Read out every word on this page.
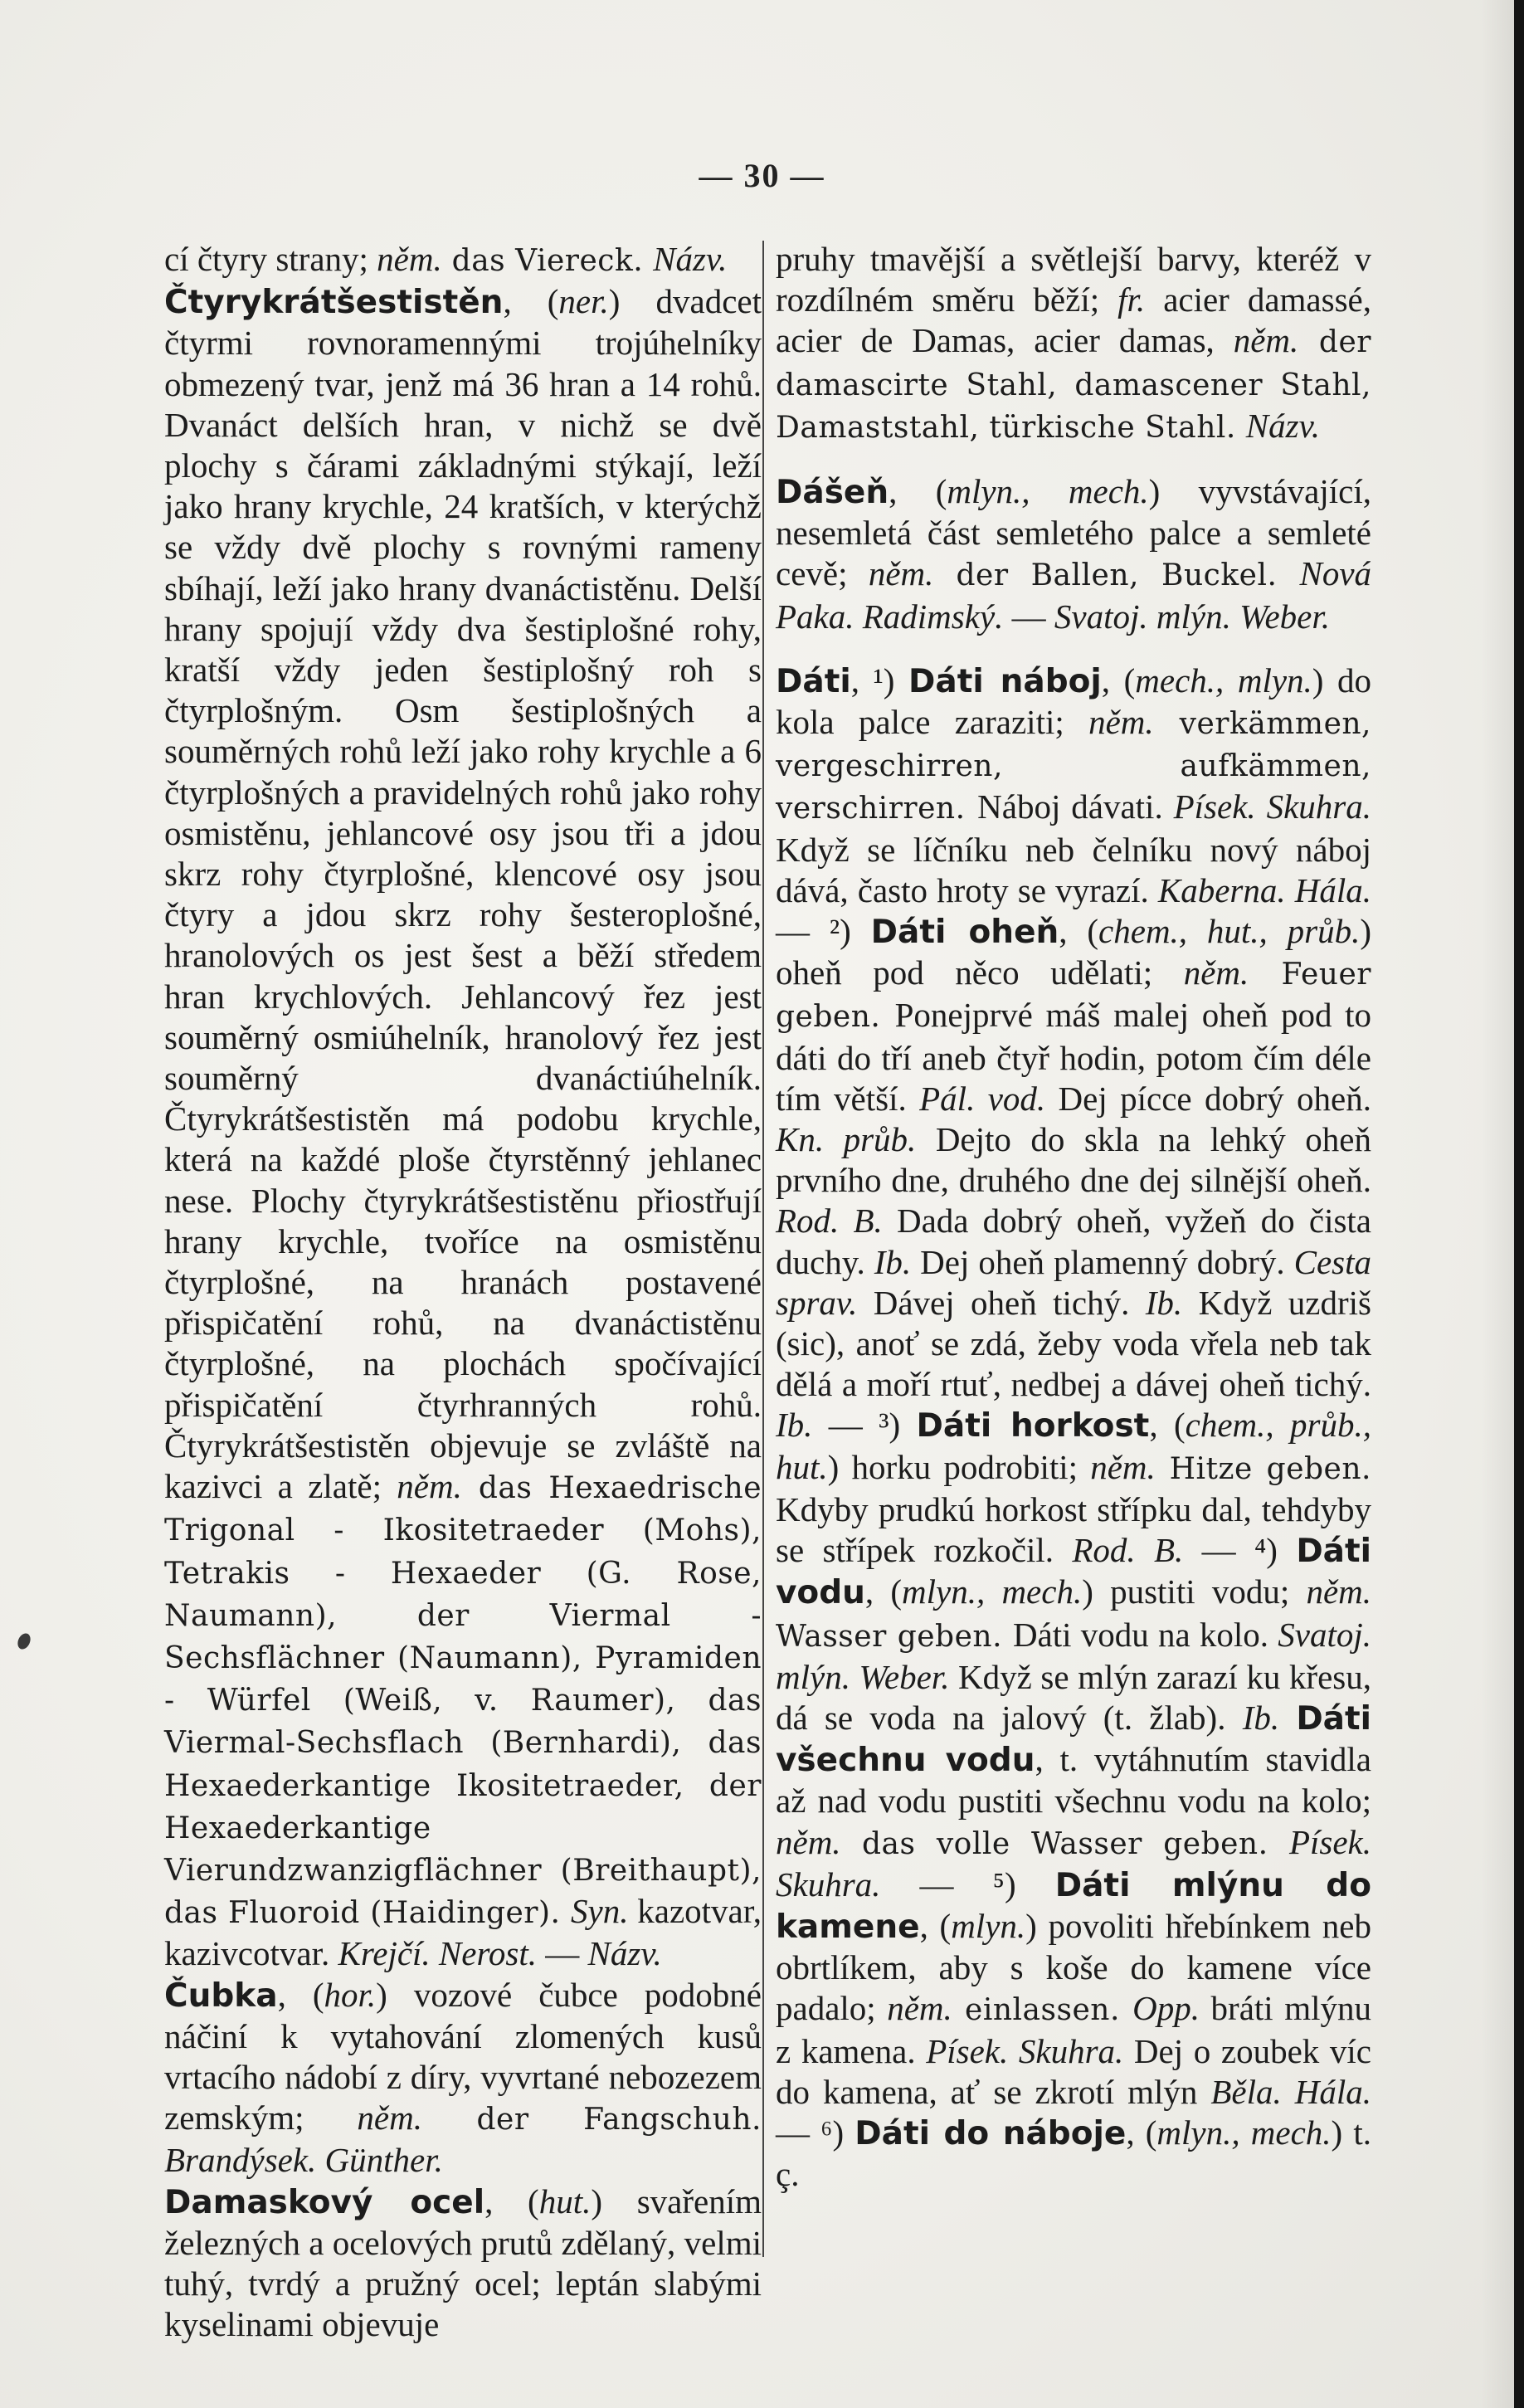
— 30 —

cí čtyry strany; něm. das Viereck. Názv.

Čtyrykrátšestistěn, (ner.) dvadcet čtyrmi rovnoramennými trojúhelníky obmezený tvar, jenž má 36 hran a 14 rohů. Dvanáct delších hran, v nichž se dvě plochy s čárami základnými stýkají, leží jako hrany krychle, 24 kratších, v kterýchž se vždy dvě plochy s rovnými rameny sbíhají, leží jako hrany dvanáctistěnu. Delší hrany spojují vždy dva šestiplošné rohy, kratší vždy jeden šestiplošný roh s čtyrplošným. Osm šestiplošných a souměrných rohů leží jako rohy krychle a 6 čtyrplošných a pravidelných rohů jako rohy osmistěnu, jehlancové osy jsou tři a jdou skrz rohy čtyrplošné, klencové osy jsou čtyry a jdou skrz rohy šesteroplošné, hranolových os jest šest a běží středem hran krychlových. Jehlancový řez jest souměrný osmiúhelník, hranolový řez jest souměrný dvanáctiúhelník. Čtyrykrátšestistěn má podobu krychle, která na každé ploše čtyrstěnný jehlanec nese. Plochy čtyrykrátšestistěnu přiostřují hrany krychle, tvoříce na osmistěnu čtyrplošné, na hranách postavené přispičatění rohů, na dvanáctistěnu čtyrplošné, na plochách spočívající přispičatění čtyrhranných rohů. Čtyrykrátšestistěn objevuje se zvláště na kazivci a zlatě; něm. das Hexaedrische Trigonal - Ikositetraeder (Mohs), Tetrakis - Hexaeder (G. Rose, Naumann), der Viermal - Sechsflächner (Naumann), Pyramiden - Würfel (Weiß, v. Raumer), das Viermal-Sechsflach (Bernhardi), das Hexaederkantige Ikositetraeder, der Hexaederkantige Vierundzwanzigflächner (Breithaupt), das Fluoroid (Haidinger). Syn. kazotvar, kazivcotvar. Krejčí. Nerost. — Názv.

Čubka, (hor.) vozové čubce podobné náčiní k vytahování zlomených kusů vrtacího nádobí z díry, vyvrtané nebozezem zemským; něm. der Fangschuh. Brandýsek. Günther.

Damaskový ocel, (hut.) svařením železných a ocelových prutů zdělaný, velmi tuhý, tvrdý a pružný ocel; leptán slabými kyselinami objevuje

pruhy tmavější a světlejší barvy, kteréž v rozdílném směru běží; fr. acier damassé, acier de Damas, acier damas, něm. der damascirte Stahl, damascener Stahl, Damaststahl, türkische Stahl. Názv.

Dášeň, (mlyn., mech.) vyvstávající, nesemletá část semletého palce a semleté cevě; něm. der Ballen, Buckel. Nová Paka. Radimský. — Svatoj. mlýn. Weber.

Dáti, ¹) Dáti náboj, (mech., mlyn.) do kola palce zaraziti; něm. verkämmen, vergeschirren, aufkämmen, verschirren. Náboj dávati. Písek. Skuhra. Když se líčníku neb čelníku nový náboj dává, často hroty se vyrazí. Kaberna. Hála. — ²) Dáti oheň, (chem., hut., průb.) oheň pod něco udělati; něm. Feuer geben. Ponejprvé máš malej oheň pod to dáti do tří aneb čtyř hodin, potom čím déle tím větší. Pál. vod. Dej pícce dobrý oheň. Kn. průb. Dejto do skla na lehký oheň prvního dne, druhého dne dej silnější oheň. Rod. B. Dada dobrý oheň, vyžeň do čista duchy. Ib. Dej oheň plamenný dobrý. Cesta sprav. Dávej oheň tichý. Ib. Když uzdriš (sic), anoť se zdá, žeby voda vřela neb tak dělá a moří rtuť, nedbej a dávej oheň tichý. Ib. — ³) Dáti horkost, (chem., průb., hut.) horku podrobiti; něm. Hitze geben. Kdyby prudkú horkost střípku dal, tehdyby se střípek rozkočil. Rod. B. — ⁴) Dáti vodu, (mlyn., mech.) pustiti vodu; něm. Wasser geben. Dáti vodu na kolo. Svatoj. mlýn. Weber. Když se mlýn zarazí ku křesu, dá se voda na jalový (t. žlab). Ib. Dáti všechnu vodu, t. vytáhnutím stavidla až nad vodu pustiti všechnu vodu na kolo; něm. das volle Wasser geben. Písek. Skuhra. — ⁵) Dáti mlýnu do kamene, (mlyn.) povoliti hřebínkem neb obrtlíkem, aby s koše do kamene více padalo; něm. einlassen. Opp. bráti mlýnu z kamena. Písek. Skuhra. Dej o zoubek víc do kamena, ať se zkrotí mlýn Běla. Hála. — ⁶) Dáti do náboje, (mlyn., mech.) t. ç.
